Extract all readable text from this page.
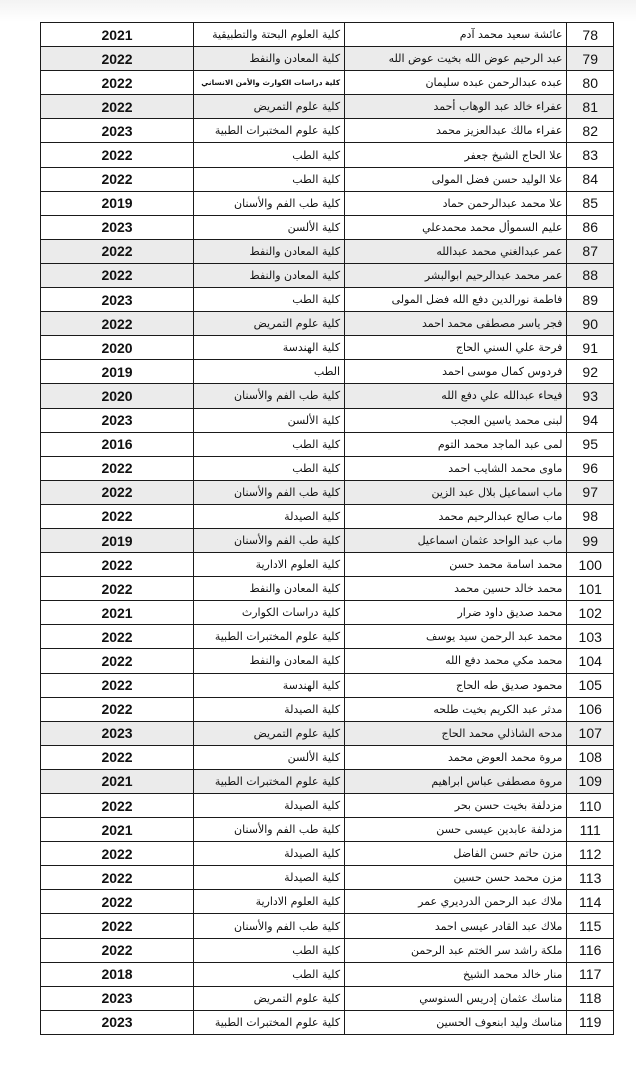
2021	كلية العلوم البحتة والتطبيقية	عائشة سعيد محمد آدم	78
2022	كلية المعادن والنفط	عبد الرحيم عوض الله بخيت عوض الله	79
2022	كلية دراسات الكوارث والأمن الانساني	عبده عبدالرحمن عبده سليمان	80
2022	كلية علوم التمريض	عفراء خالد عبد الوهاب أحمد	81
2023	كلية علوم المختبرات الطبية	عفراء مالك عبدالعزيز محمد	82
2022	كلية الطب	علا الحاج الشيخ جعفر	83
2022	كلية الطب	علا الوليد حسن فضل المولى	84
2019	كلية طب الفم والأسنان	علا محمد عبدالرحمن حماد	85
2023	كلية الألسن	عليم السموأل محمد محمدعلي	86
2022	كلية المعادن والنفط	عمر عبدالغني محمد عبدالله	87
2022	كلية المعادن والنفط	عمر محمد عبدالرحيم ابوالبشر	88
2023	كلية الطب	فاطمة نورالدين دفع الله فضل المولى	89
2022	كلية علوم التمريض	فجر ياسر مصطفى محمد احمد	90
2020	كلية الهندسة	فرحة علي السني الحاج	91
2019	الطب	فردوس كمال موسى احمد	92
2020	كلية طب الفم والأسنان	فيحاء عبدالله علي دفع الله	93
2023	كلية الألسن	لبنى محمد ياسين العجب	94
2016	كلية الطب	لمى عبد الماجد محمد التوم	95
2022	كلية الطب	ماوى محمد الشايب احمد	96
2022	كلية طب الفم والأسنان	ماب اسماعيل بلال عبد الزين	97
2022	كلية الصيدلة	ماب صالح عبدالرحيم محمد	98
2019	كلية طب الفم والأسنان	ماب عبد الواحد عثمان اسماعيل	99
2022	كلية العلوم الادارية	محمد اسامة محمد حسن	100
2022	كلية المعادن والنفط	محمد خالد حسين محمد	101
2021	كلية دراسات الكوارث	محمد صديق داود ضرار	102
2022	كلية علوم المختبرات الطبية	محمد عبد الرحمن سيد يوسف	103
2022	كلية المعادن والنفط	محمد مكي محمد دفع الله	104
2022	كلية الهندسة	محمود صديق طه الحاج	105
2022	كلية الصيدلة	مدثر عبد الكريم بخيت طلحه	106
2023	كلية علوم التمريض	مدحه الشاذلي محمد الحاج	107
2022	كلية الألسن	مروة محمد العوض محمد	108
2021	كلية علوم المختبرات الطبية	مروة مصطفى عباس ابراهيم	109
2022	كلية الصيدلة	مزدلفة بخيت حسن بحر	110
2021	كلية طب الفم والأسنان	مزدلفة عابدين عيسى حسن	111
2022	كلية الصيدلة	مزن حاتم حسن الفاضل	112
2022	كلية الصيدلة	مزن محمد حسن حسين	113
2022	كلية العلوم الادارية	ملاك عبد الرحمن الدرديري عمر	114
2022	كلية طب الفم والأسنان	ملاك عبد القادر عيسى احمد	115
2022	كلية الطب	ملكة راشد سر الختم عبد الرحمن	116
2018	كلية الطب	منار خالد محمد الشيخ	117
2023	كلية علوم التمريض	مناسك عثمان إدريس السنوسي	118
2023	كلية علوم المختبرات الطبية	مناسك وليد ابنعوف الحسين	119
